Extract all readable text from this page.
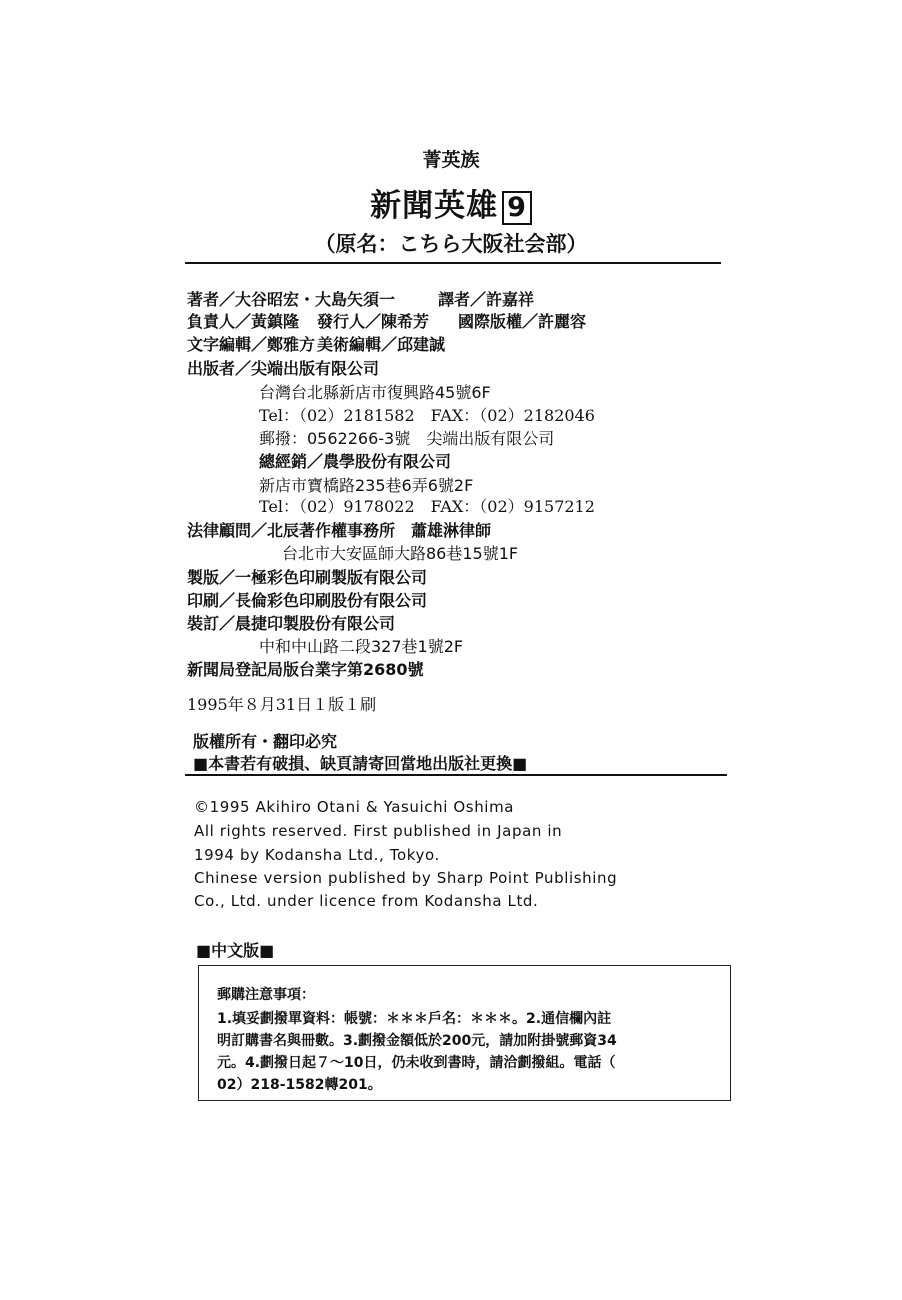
菁英族
新聞英雄 9
（原名：こちら大阪社会部）
著者／大谷昭宏・大島矢須一	譯者／許嘉祥
負責人／黃鎮隆 發行人／陳希芳 國際版權／許麗容
文字編輯／鄭雅方 美術編輯／邱建誠
出版者／尖端出版有限公司
台灣台北縣新店市復興路45號6F
Tel：（02）2181582　FAX：（02）2182046
郵撥：0562266-3號　尖端出版有限公司
總經銷／農學股份有限公司
新店市寶橋路235巷6弄6號2F
Tel：（02）9178022　FAX：（02）9157212
法律顧問／北辰著作權事務所　蕭雄淋律師
台北市大安區師大路86巷15號1F
製版／一極彩色印刷製版有限公司
印刷／長倫彩色印刷股份有限公司
裝訂／晨捷印製股份有限公司
中和中山路二段327巷1號2F
新聞局登記局版台業字第2680號
1995年８月31日１版１刷
版權所有・翻印必究
■本書若有破損、缺頁請寄回當地出版社更換■
©1995 Akihiro Otani & Yasuichi Oshima
All rights reserved. First published in Japan in
1994 by Kodansha Ltd., Tokyo.
Chinese version published by Sharp Point Publishing
Co., Ltd. under licence from Kodansha Ltd.
■中文版■
郵購注意事項：
1.填妥劃撥單資料：帳號：＊＊＊戶名：＊＊＊。2.通信欄內註
明訂購書名與冊數。3.劃撥金額低於200元，請加附掛號郵資34
元。4.劃撥日起７～10日，仍未收到書時，請洽劃撥組。電話（
02）218-1582轉201。
